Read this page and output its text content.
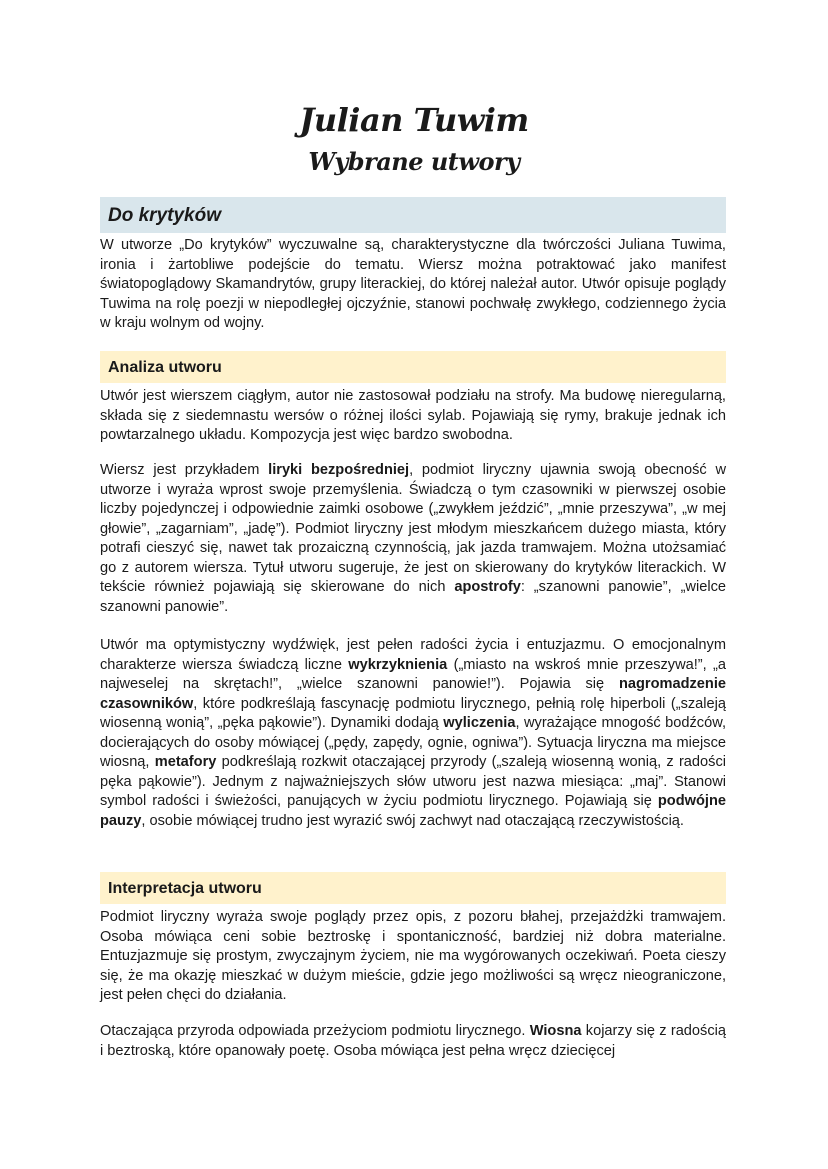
Julian Tuwim
Wybrane utwory
Do krytyków

W utworze „Do krytyków” wyczuwalne są, charakterystyczne dla twórczości Juliana Tuwima, ironia i żartobliwe podejście do tematu. Wiersz można potraktować jako manifest światopoglądowy Skamandrytów, grupy literackiej, do której należał autor. Utwór opisuje poglądy Tuwima na rolę poezji w niepodległej ojczyźnie, stanowi pochwałę zwykłego, codziennego życia w kraju wolnym od wojny.

Analiza utworu

Utwór jest wierszem ciągłym, autor nie zastosował podziału na strofy. Ma budowę nieregularną, składa się z siedemnastu wersów o różnej ilości sylab. Pojawiają się rymy, brakuje jednak ich powtarzalnego układu. Kompozycja jest więc bardzo swobodna.

Wiersz jest przykładem liryki bezpośredniej, podmiot liryczny ujawnia swoją obecność w utworze i wyraża wprost swoje przemyślenia. Świadczą o tym czasowniki w pierwszej osobie liczby pojedynczej i odpowiednie zaimki osobowe („zwykłem jeździć”, „mnie przeszywa”, „w mej głowie”, „zagarniam”, „jadę”). Podmiot liryczny jest młodym mieszkańcem dużego miasta, który potrafi cieszyć się, nawet tak prozaiczną czynnością, jak jazda tramwajem. Można utożsamiać go z autorem wiersza. Tytuł utworu sugeruje, że jest on skierowany do krytyków literackich. W tekście również pojawiają się skierowane do nich apostrofy: „szanowni panowie”, „wielce szanowni panowie”.

Utwór ma optymistyczny wydźwięk, jest pełen radości życia i entuzjazmu. O emocjonalnym charakterze wiersza świadczą liczne wykrzyknienia („miasto na wskroś mnie przeszywa!”, „a najweselej na skrętach!”, „wielce szanowni panowie!”). Pojawia się nagromadzenie czasowników, które podkreślają fascynację podmiotu lirycznego, pełnią rolę hiperboli („szaleją wiosenną wonią”, „pęka pąkowie”). Dynamiki dodają wyliczenia, wyrażające mnogość bodźców, docierających do osoby mówiącej („pędy, zapędy, ognie, ogniwa”). Sytuacja liryczna ma miejsce wiosną, metafory podkreślają rozkwit otaczającej przyrody („szaleją wiosenną wonią, z radości pęka pąkowie”). Jednym z najważniejszych słów utworu jest nazwa miesiąca: „maj”. Stanowi symbol radości i świeżości, panujących w życiu podmiotu lirycznego. Pojawiają się podwójne pauzy, osobie mówiącej trudno jest wyrazić swój zachwyt nad otaczającą rzeczywistością.

Interpretacja utworu

Podmiot liryczny wyraża swoje poglądy przez opis, z pozoru błahej, przejażdżki tramwajem. Osoba mówiąca ceni sobie beztroskę i spontaniczność, bardziej niż dobra materialne. Entuzjazmuje się prostym, zwyczajnym życiem, nie ma wygórowanych oczekiwań. Poeta cieszy się, że ma okazję mieszkać w dużym mieście, gdzie jego możliwości są wręcz nieograniczone, jest pełen chęci do działania.

Otaczająca przyroda odpowiada przeżyciom podmiotu lirycznego. Wiosna kojarzy się z radością i beztroską, które opanowały poetę. Osoba mówiąca jest pełna wręcz dziecięcej
